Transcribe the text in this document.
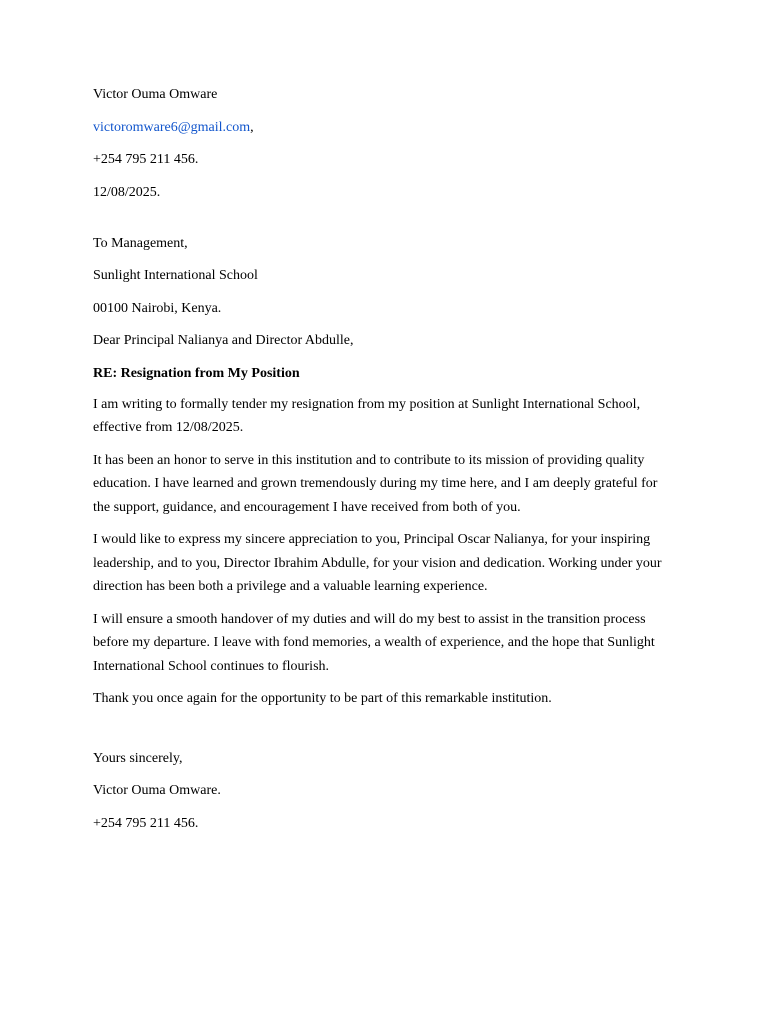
Victor Ouma Omware
victoromware6@gmail.com,
+254 795 211 456.
12/08/2025.
To Management,
Sunlight International School
00100 Nairobi, Kenya.
Dear Principal Nalianya and Director Abdulle,
RE: Resignation from My Position

I am writing to formally tender my resignation from my position at Sunlight International School, effective from 12/08/2025.

It has been an honor to serve in this institution and to contribute to its mission of providing quality education. I have learned and grown tremendously during my time here, and I am deeply grateful for the support, guidance, and encouragement I have received from both of you.

I would like to express my sincere appreciation to you, Principal Oscar Nalianya, for your inspiring leadership, and to you, Director Ibrahim Abdulle, for your vision and dedication. Working under your direction has been both a privilege and a valuable learning experience.

I will ensure a smooth handover of my duties and will do my best to assist in the transition process before my departure. I leave with fond memories, a wealth of experience, and the hope that Sunlight International School continues to flourish.

Thank you once again for the opportunity to be part of this remarkable institution.

Yours sincerely,
Victor Ouma Omware.
+254 795 211 456.
